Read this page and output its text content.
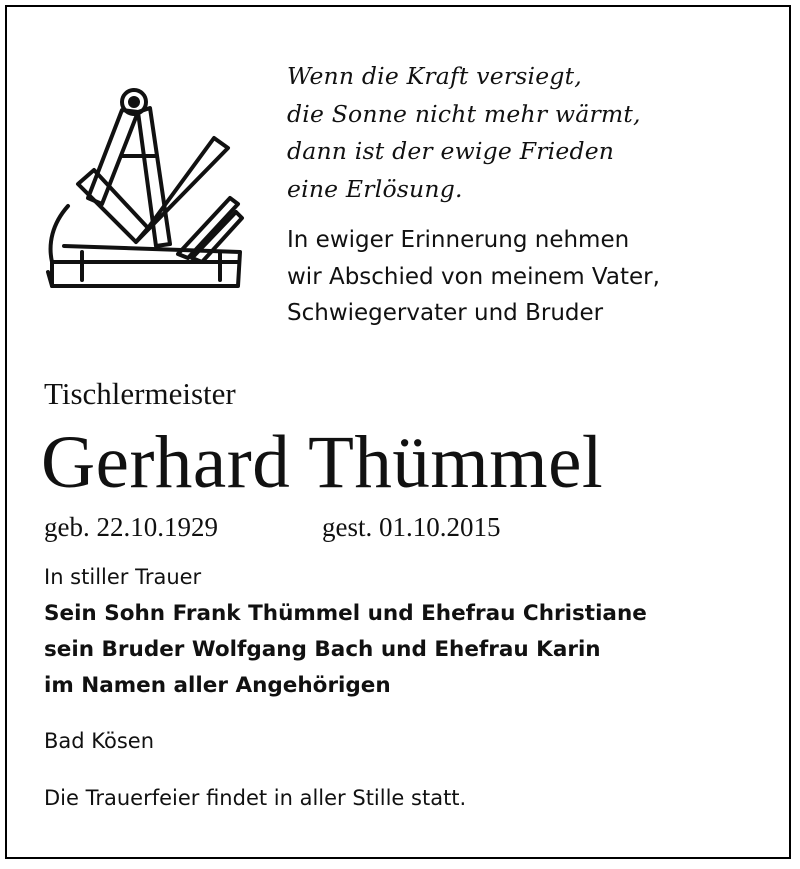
Wenn die Kraft versiegt,
die Sonne nicht mehr wärmt,
dann ist der ewige Frieden
eine Erlösung.
In ewiger Erinnerung nehmen
wir Abschied von meinem Vater,
Schwiegervater und Bruder
Tischlermeister
Gerhard Thümmel
geb. 22.10.1929	gest. 01.10.2015
In stiller Trauer
Sein Sohn Frank Thümmel und Ehefrau Christiane
sein Bruder Wolfgang Bach und Ehefrau Karin
im Namen aller Angehörigen
Bad Kösen
Die Trauerfeier findet in aller Stille statt.
